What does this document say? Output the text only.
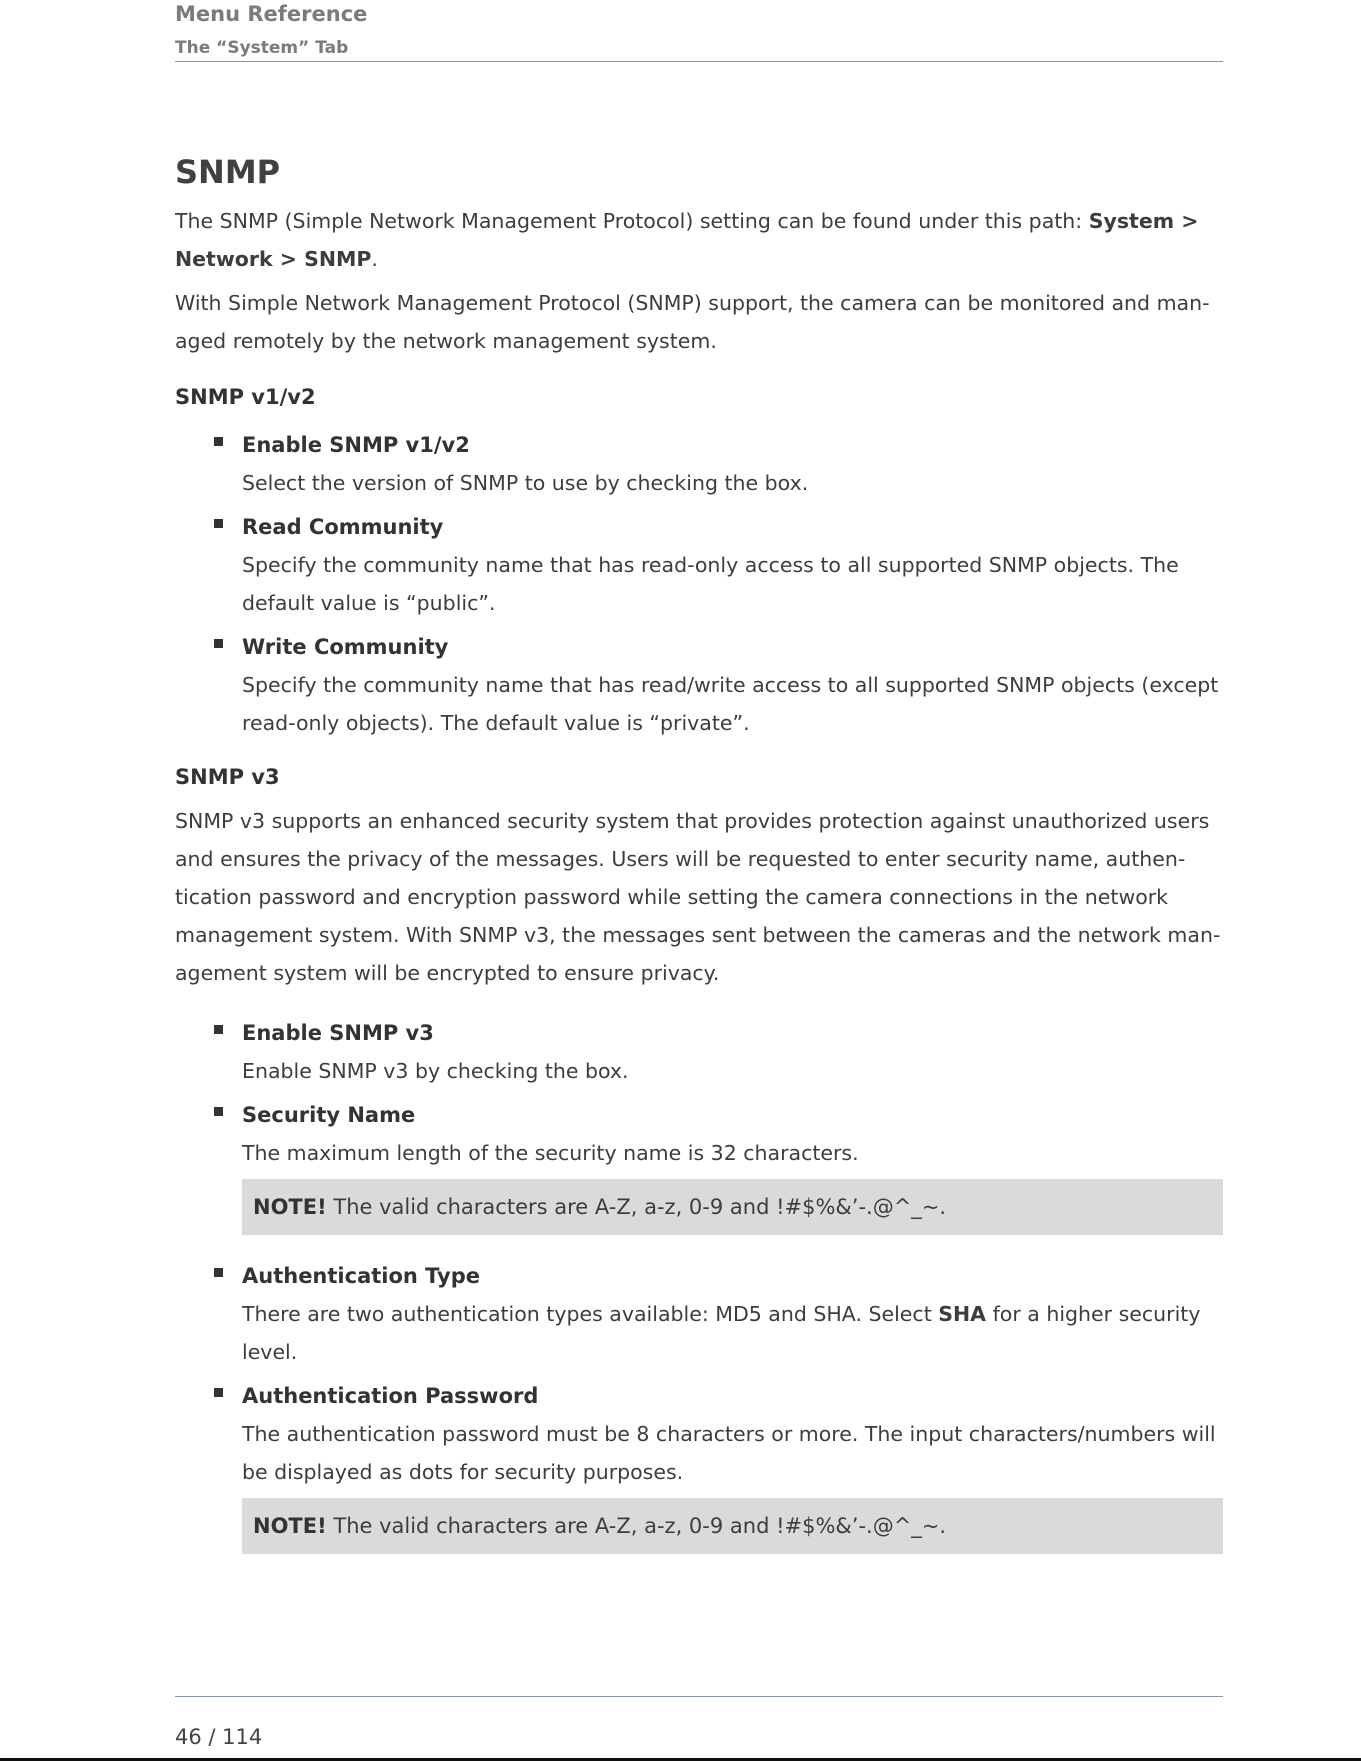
Menu Reference
The “System” Tab
SNMP

The SNMP (Simple Network Management Protocol) setting can be found under this path: System > Network > SNMP.

With Simple Network Management Protocol (SNMP) support, the camera can be monitored and man-aged remotely by the network management system.

SNMP v1/v2
Enable SNMP v1/v2
Select the version of SNMP to use by checking the box.
Read Community
Specify the community name that has read-only access to all supported SNMP objects. The default value is “public”.
Write Community
Specify the community name that has read/write access to all supported SNMP objects (except read-only objects). The default value is “private”.
SNMP v3

SNMP v3 supports an enhanced security system that provides protection against unauthorized users and ensures the privacy of the messages. Users will be requested to enter security name, authen-tication password and encryption password while setting the camera connections in the network management system. With SNMP v3, the messages sent between the cameras and the network man-agement system will be encrypted to ensure privacy.

Enable SNMP v3
Enable SNMP v3 by checking the box.
Security Name
The maximum length of the security name is 32 characters.
NOTE! The valid characters are A-Z, a-z, 0-9 and !#$%&’-.@^_~.
Authentication Type
There are two authentication types available: MD5 and SHA. Select SHA for a higher security level.
Authentication Password
The authentication password must be 8 characters or more. The input characters/numbers will be displayed as dots for security purposes.
NOTE! The valid characters are A-Z, a-z, 0-9 and !#$%&’-.@^_~.
46 / 114
